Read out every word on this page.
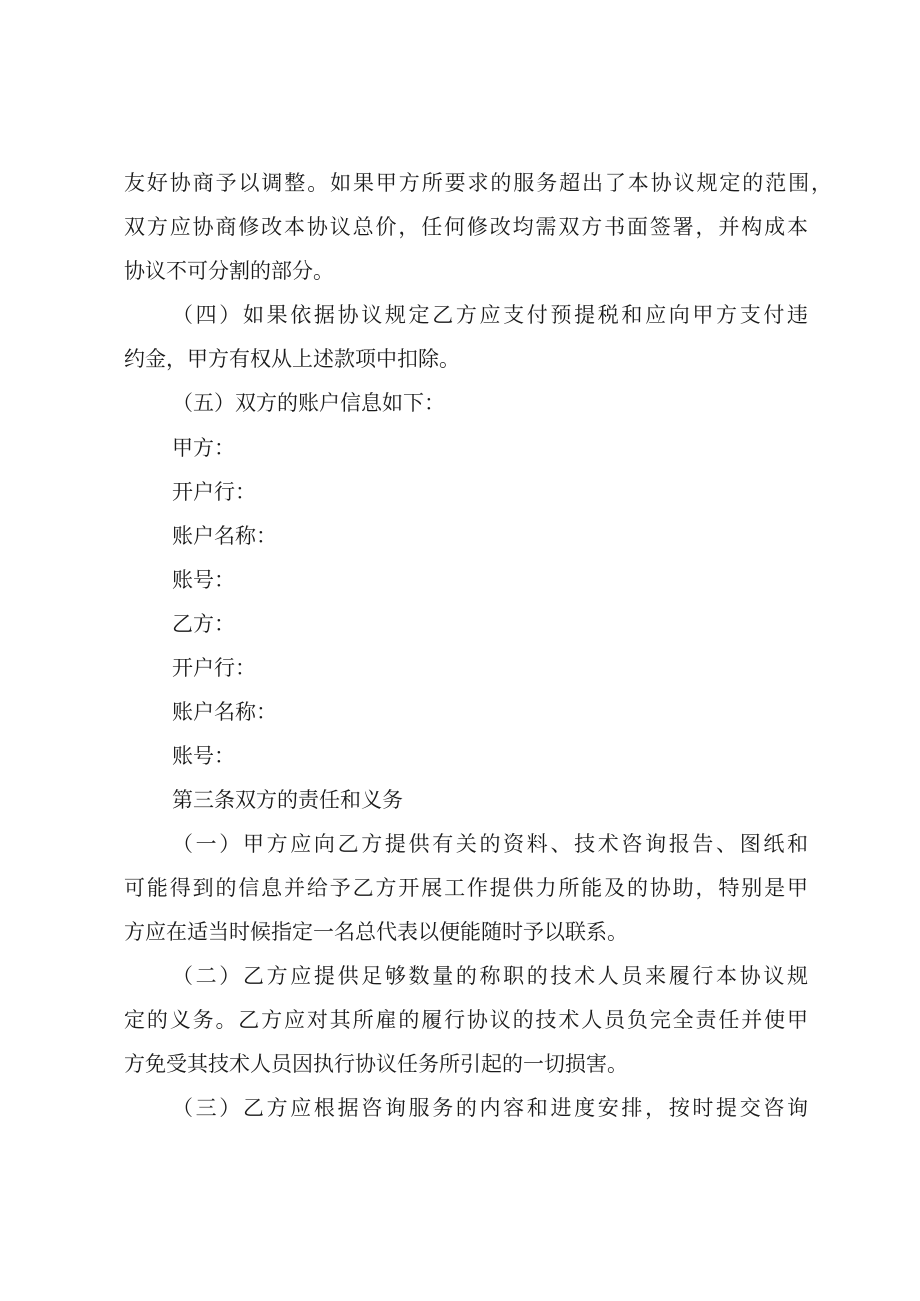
友好协商予以调整。如果甲方所要求的服务超出了本协议规定的范围，
双方应协商修改本协议总价，任何修改均需双方书面签署，并构成本
协议不可分割的部分。
（四）如果依据协议规定乙方应支付预提税和应向甲方支付违
约金，甲方有权从上述款项中扣除。
（五）双方的账户信息如下：
甲方：
开户行：
账户名称：
账号：
乙方：
开户行：
账户名称：
账号：
第三条双方的责任和义务
（一）甲方应向乙方提供有关的资料、技术咨询报告、图纸和
可能得到的信息并给予乙方开展工作提供力所能及的协助，特别是甲
方应在适当时候指定一名总代表以便能随时予以联系。
（二）乙方应提供足够数量的称职的技术人员来履行本协议规
定的义务。乙方应对其所雇的履行协议的技术人员负完全责任并使甲
方免受其技术人员因执行协议任务所引起的一切损害。
（三）乙方应根据咨询服务的内容和进度安排，按时提交咨询
